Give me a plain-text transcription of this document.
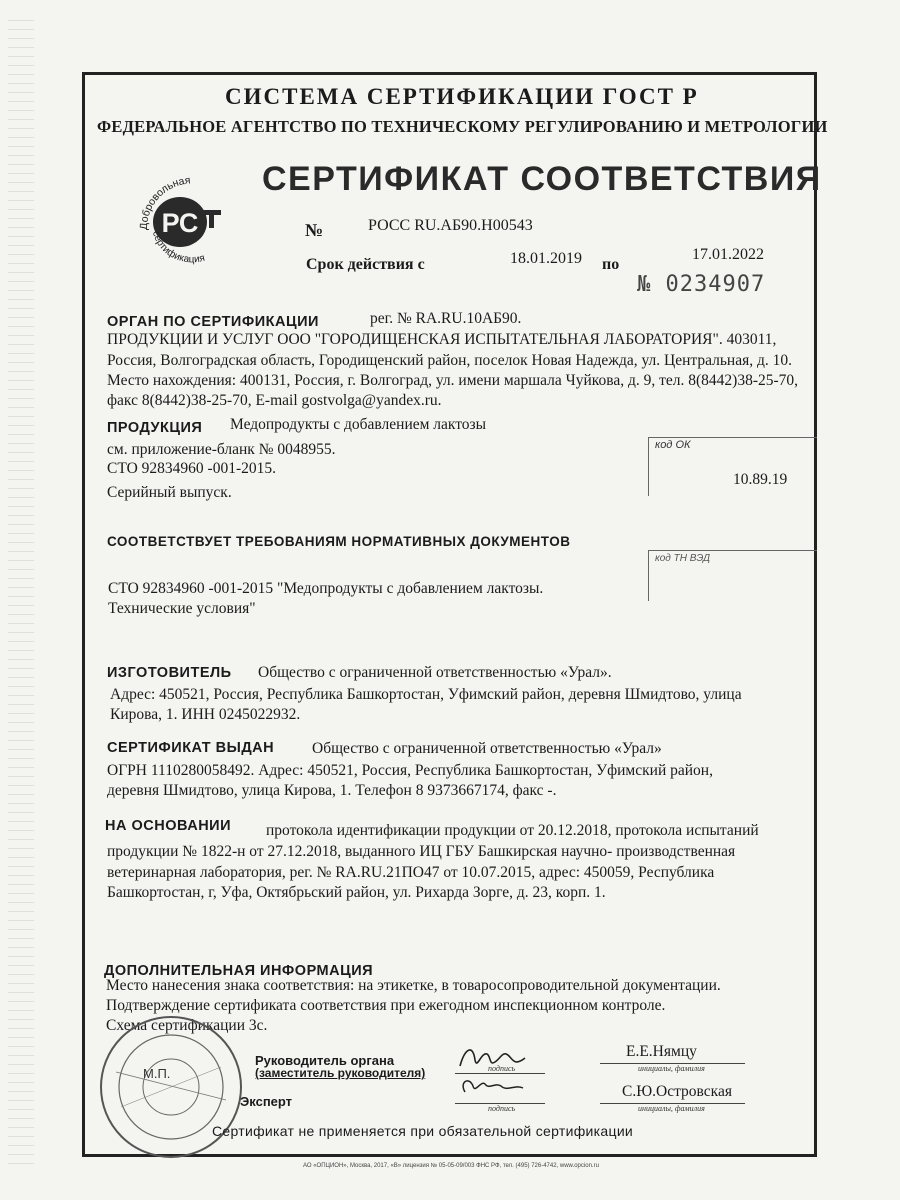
СИСТЕМА СЕРТИФИКАЦИИ ГОСТ Р
ФЕДЕРАЛЬНОЕ АГЕНТСТВО ПО ТЕХНИЧЕСКОМУ РЕГУЛИРОВАНИЮ И МЕТРОЛОГИИ
Добровольная
РС
сертификация
СЕРТИФИКАТ СООТВЕТСТВИЯ
№	РОСС RU.АБ90.Н00543
Срок действия с	18.01.2019 по
17.01.2022
№ 0234907
ОРГАН ПО СЕРТИФИКАЦИИ	рег. № RA.RU.10АБ90.
ПРОДУКЦИИ И УСЛУГ ООО "ГОРОДИЩЕНСКАЯ ИСПЫТАТЕЛЬНАЯ ЛАБОРАТОРИЯ". 403011,
Россия, Волгоградская область, Городищенский район, поселок Новая Надежда, ул. Центральная, д. 10.
Место нахождения: 400131, Россия, г. Волгоград, ул. имени маршала Чуйкова, д. 9, тел. 8(8442)38-25-70,
факс 8(8442)38-25-70, E-mail gostvolga@yandex.ru.
ПРОДУКЦИЯ Медопродукты с добавлением лактозы
см. приложение-бланк № 0048955.
СТО 92834960 -001-2015.
Серийный выпуск.
код ОК
10.89.19
СООТВЕТСТВУЕТ ТРЕБОВАНИЯМ НОРМАТИВНЫХ ДОКУМЕНТОВ
код ТН ВЭД
СТО 92834960 -001-2015 "Медопродукты с добавлением лактозы.
Технические условия"
ИЗГОТОВИТЕЛЬ Общество с ограниченной ответственностью «Урал».
Адрес: 450521, Россия, Республика Башкортостан, Уфимский район, деревня Шмидтово, улица
Кирова, 1. ИНН 0245022932.
СЕРТИФИКАТ ВЫДАН Общество с ограниченной ответственностью «Урал»
ОГРН 1110280058492. Адрес: 450521, Россия, Республика Башкортостан, Уфимский район,
деревня Шмидтово, улица Кирова, 1. Телефон 8 9373667174, факс -.
НА ОСНОВАНИИ протокола идентификации продукции от 20.12.2018, протокола испытаний
продукции № 1822-н от 27.12.2018, выданного ИЦ ГБУ Башкирская научно- производственная
ветеринарная лаборатория, рег. № RA.RU.21ПО47 от 10.07.2015, адрес: 450059, Республика
Башкортостан, г, Уфа, Октябрьский район, ул. Рихарда Зорге, д. 23, корп. 1.
ДОПОЛНИТЕЛЬНАЯ ИНФОРМАЦИЯ
Место нанесения знака соответствия: на этикетке, в товаросопроводительной документации.
Подтверждение сертификата соответствия при ежегодном инспекционном контроле.
Схема сертификации 3с.
М.П.
Руководитель органа
(заместитель руководителя)	подпись
Е.Е.Нямцу
инициалы, фамилия
Эксперт	подпись
С.Ю.Островская
инициалы, фамилия
Сертификат не применяется при обязательной сертификации
АО «ОПЦИОН», Москва, 2017, «В» лицензия № 05-05-09/003 ФНС РФ, тел. (495) 726-4742, www.opcion.ru
